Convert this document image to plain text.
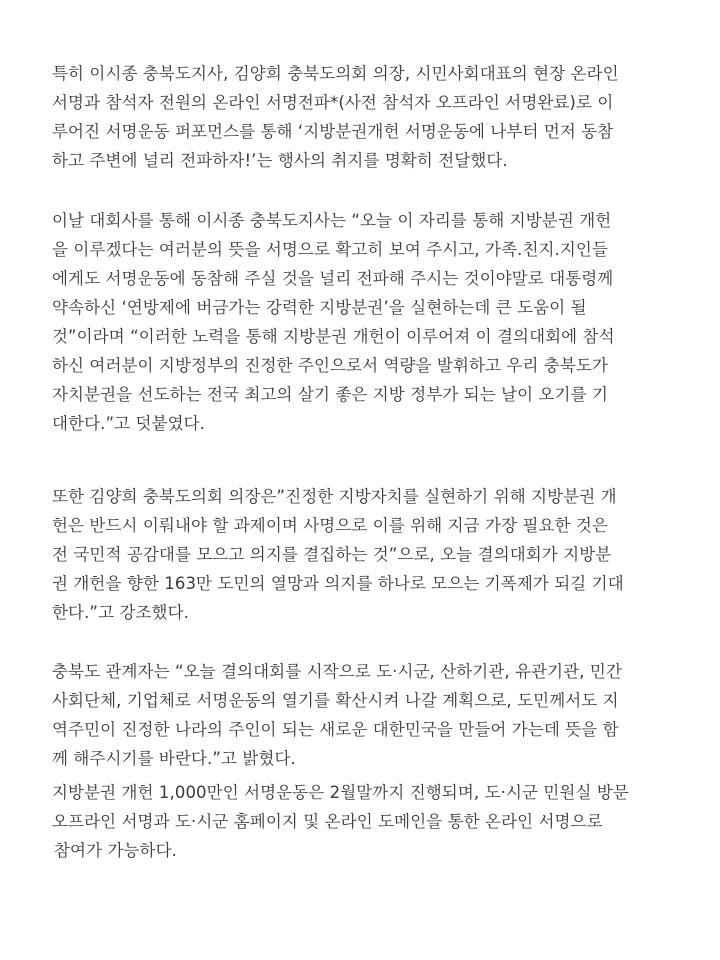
특히 이시종 충북도지사, 김양희 충북도의회 의장, 시민사회대표의 현장 온라인
서명과 참석자 전원의 온라인 서명전파*(사전 참석자 오프라인 서명완료)로 이
루어진 서명운동 퍼포먼스를 통해 ‘지방분권개헌 서명운동에 나부터 먼저 동참
하고 주변에 널리 전파하자!’는 행사의 취지를 명확히 전달했다.
이날 대회사를 통해 이시종 충북도지사는 “오늘 이 자리를 통해 지방분권 개헌
을 이루겠다는 여러분의 뜻을 서명으로 확고히 보여 주시고, 가족.친지.지인들
에게도 서명운동에 동참해 주실 것을 널리 전파해 주시는 것이야말로 대통령께
약속하신 ‘연방제에 버금가는 강력한 지방분권’을 실현하는데 큰 도움이 될
것”이라며 “이러한 노력을 통해 지방분권 개헌이 이루어져 이 결의대회에 참석
하신 여러분이 지방정부의 진정한 주인으로서 역량을 발휘하고 우리 충북도가
자치분권을 선도하는 전국 최고의 살기 좋은 지방 정부가 되는 날이 오기를 기
대한다.”고 덧붙였다.
또한 김양희 충북도의회 의장은”진정한 지방자치를 실현하기 위해 지방분권 개
헌은 반드시 이뤄내야 할 과제이며 사명으로 이를 위해 지금 가장 필요한 것은
전 국민적 공감대를 모으고 의지를 결집하는 것”으로, 오늘 결의대회가 지방분
권 개헌을 향한 163만 도민의 열망과 의지를 하나로 모으는 기폭제가 되길 기대
한다.”고 강조했다.
충북도 관계자는 “오늘 결의대회를 시작으로 도·시군, 산하기관, 유관기관, 민간
사회단체, 기업체로 서명운동의 열기를 확산시켜 나갈 계획으로, 도민께서도 지
역주민이 진정한 나라의 주인이 되는 새로운 대한민국을 만들어 가는데 뜻을 함
께 해주시기를 바란다.”고 밝혔다.
지방분권 개헌 1,000만인 서명운동은 2월말까지 진행되며, 도·시군 민원실 방문
오프라인 서명과 도·시군 홈페이지 및 온라인 도메인을 통한 온라인 서명으로
참여가 가능하다.
